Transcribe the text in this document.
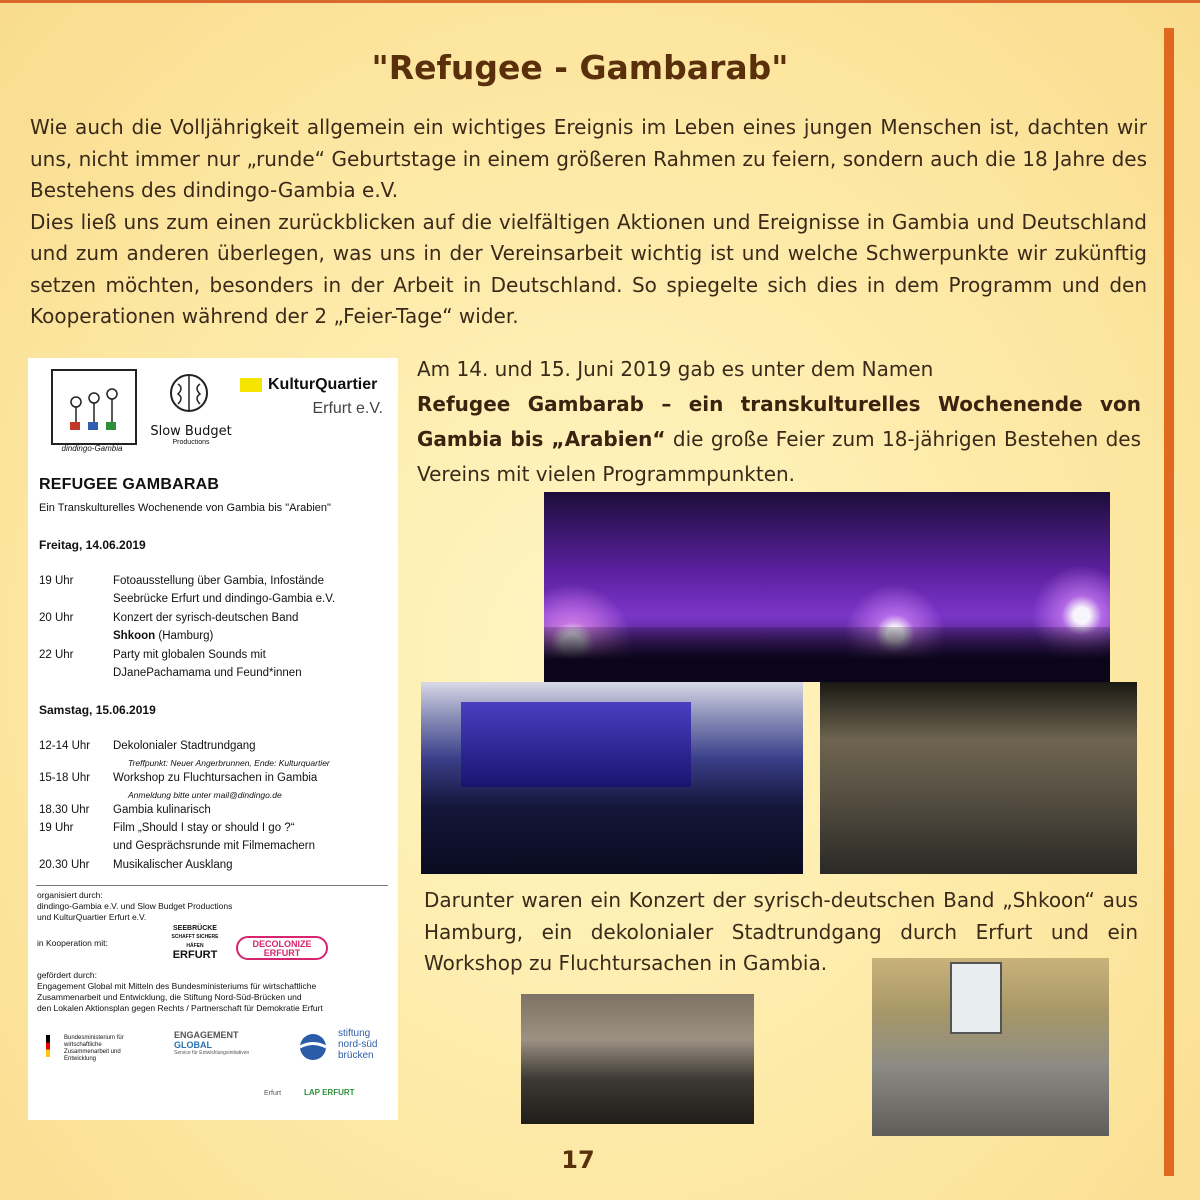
"Refugee - Gambarab"

Wie auch die Volljährigkeit allgemein ein wichtiges Ereignis im Leben eines jungen Menschen ist, dachten wir uns, nicht immer nur „runde“ Geburtstage in einem größeren Rahmen zu feiern, sondern auch die 18 Jahre des Bestehens des dindingo-Gambia e.V.

Dies ließ uns zum einen zurückblicken auf die vielfältigen Aktionen und Ereignisse in Gambia und Deutschland und zum anderen überlegen, was uns in der Vereinsarbeit wichtig ist und welche Schwerpunkte wir zukünftig setzen möchten, besonders in der Arbeit in Deutschland. So spiegelte sich dies in dem Programm und den Kooperationen während der 2 „Feier-Tage“ wider.

dindingo-Gambia
Slow Budget
Productions
KulturQuartier
Erfurt e.V.
REFUGEE GAMBARAB
Ein Transkulturelles Wochenende von Gambia bis "Arabien"
Freitag, 14.06.2019
19 Uhr	Fotoausstellung über Gambia, Infostände
Seebrücke Erfurt und dindingo-Gambia e.V.
20 Uhr	Konzert der syrisch-deutschen Band
Shkoon (Hamburg)
22 Uhr	Party mit globalen Sounds mit
DJanePachamama und Feund*innen
Samstag, 15.06.2019
12-14 Uhr Dekolonialer Stadtrundgang
Treffpunkt: Neuer Angerbrunnen, Ende: Kulturquartier
15-18 Uhr Workshop zu Fluchtursachen in Gambia
Anmeldung bitte unter mail@dindingo.de
18.30 Uhr Gambia kulinarisch
19 Uhr	Film „Should I stay or should I go ?“
und Gesprächsrunde mit Filmemachern
20.30 Uhr Musikalischer Ausklang
organisiert durch:
dindingo-Gambia e.V. und Slow Budget Productions
und KulturQuartier Erfurt e.V.
in Kooperation mit:
SEEBRÜCKE
SCHAFFT SICHERE HÄFEN
ERFURT
DECOLONIZE
ERFURT
gefördert durch:
Engagement Global mit Mitteln des Bundesministeriums für wirtschaftliche
Zusammenarbeit und Entwicklung, die Stiftung Nord-Süd-Brücken und
den Lokalen Aktionsplan gegen Rechts / Partnerschaft für Demokratie Erfurt
Bundesministerium für wirtschaftliche Zusammenarbeit und Entwicklung
ENGAGEMENT
GLOBAL
Service für Entwicklungsinitiativen
stiftung
nord-süd
brücken
Erfurt	LAP ERFURT
Am 14. und 15. Juni 2019 gab es unter dem Namen
Refugee Gambarab – ein transkulturelles Wochenende von Gambia bis „Arabien“ die große Feier zum 18-jährigen Bestehen des Vereins mit vielen Programmpunkten.
Darunter waren ein Konzert der syrisch-deutschen Band „Shkoon“ aus Hamburg, ein dekolonialer Stadtrundgang durch Erfurt und ein Workshop zu Fluchtursachen in Gambia.
17
